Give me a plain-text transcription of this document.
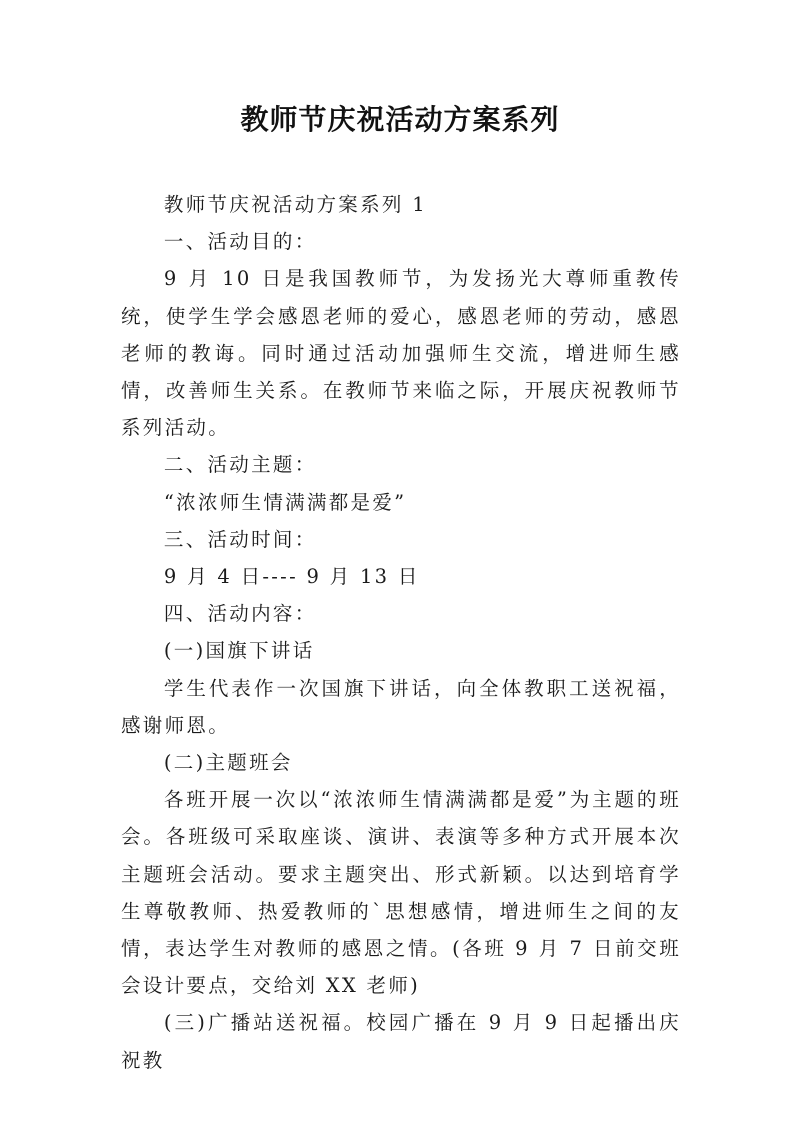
教师节庆祝活动方案系列

教师节庆祝活动方案系列 1

一、活动目的：

9 月 10 日是我国教师节，为发扬光大尊师重教传统，使学生学会感恩老师的爱心，感恩老师的劳动，感恩老师的教诲。同时通过活动加强师生交流，增进师生感情，改善师生关系。在教师节来临之际，开展庆祝教师节系列活动。

二、活动主题：

“浓浓师生情满满都是爱”

三、活动时间：

9 月 4 日---- 9 月 13 日

四、活动内容：

(一)国旗下讲话

学生代表作一次国旗下讲话，向全体教职工送祝福，感谢师恩。

(二)主题班会

各班开展一次以“浓浓师生情满满都是爱”为主题的班会。各班级可采取座谈、演讲、表演等多种方式开展本次主题班会活动。要求主题突出、形式新颖。以达到培育学生尊敬教师、热爱教师的`思想感情，增进师生之间的友情，表达学生对教师的感恩之情。(各班 9 月 7 日前交班会设计要点，交给刘 XX 老师)

(三)广播站送祝福。校园广播在 9 月 9 日起播出庆祝教
